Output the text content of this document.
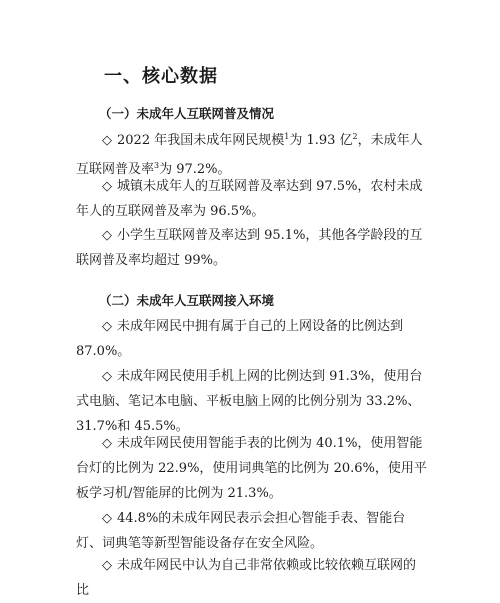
一、核心数据
（一）未成年人互联网普及情况
◇ 2022 年我国未成年网民规模$^1$为 1.93 亿$^2$，未成年人互联网普及率$^3$为 97.2%。
◇ 城镇未成年人的互联网普及率达到 97.5%，农村未成年人的互联网普及率为 96.5%。
◇ 小学生互联网普及率达到 95.1%，其他各学龄段的互联网普及率均超过 99%。
（二）未成年人互联网接入环境
◇ 未成年网民中拥有属于自己的上网设备的比例达到 87.0%。
◇ 未成年网民使用手机上网的比例达到 91.3%，使用台式电脑、笔记本电脑、平板电脑上网的比例分别为 33.2%、31.7%和 45.5%。
◇ 未成年网民使用智能手表的比例为 40.1%，使用智能台灯的比例为 22.9%，使用词典笔的比例为 20.6%，使用平板学习机/智能屏的比例为 21.3%。
◇ 44.8%的未成年网民表示会担心智能手表、智能台灯、词典笔等新型智能设备存在安全风险。
◇ 未成年网民中认为自己非常依赖或比较依赖互联网的比
